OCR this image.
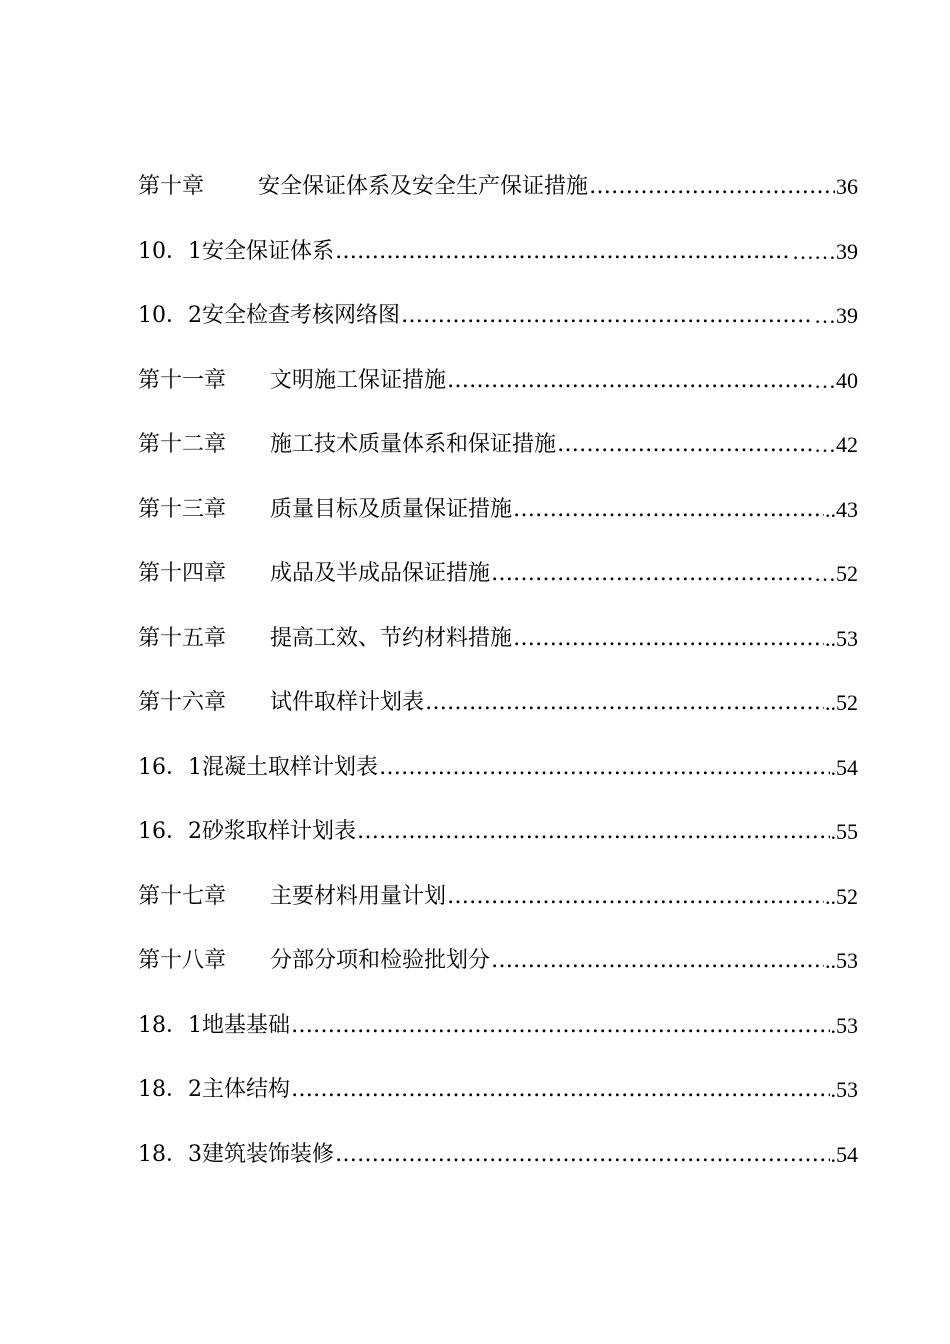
第十章	安全保证体系及安全生产保证措施 ……………………………………………………………………………………………………………………………………	36
10．1安全保证体系 ……………………………………………………………………………………………………………………………………	……39
10．2安全检查考核网络图 ……………………………………………………………………………………………………………………………………	…39
第十一章	文明施工保证措施 ……………………………………………………………………………………………………………………………………	…40
第十二章	施工技术质量体系和保证措施 ……………………………………………………………………………………………………………………………………	…42
第十三章	质量目标及质量保证措施 ……………………………………………………………………………………………………………………………………	..43
第十四章	成品及半成品保证措施 ……………………………………………………………………………………………………………………………………	…52
第十五章	提高工效、节约材料措施 ……………………………………………………………………………………………………………………………………	..53
第十六章	试件取样计划表 ……………………………………………………………………………………………………………………………………	..52
16．1混凝土取样计划表 ……………………………………………………………………………………………………………………………………	.54
16．2砂浆取样计划表 ……………………………………………………………………………………………………………………………………	.55
第十七章	主要材料用量计划 ……………………………………………………………………………………………………………………………………	..52
第十八章	分部分项和检验批划分 ……………………………………………………………………………………………………………………………………	..53
18．1地基基础 ……………………………………………………………………………………………………………………………………	.53
18．2主体结构 ……………………………………………………………………………………………………………………………………	.53
18．3建筑装饰装修 ……………………………………………………………………………………………………………………………………	.54
